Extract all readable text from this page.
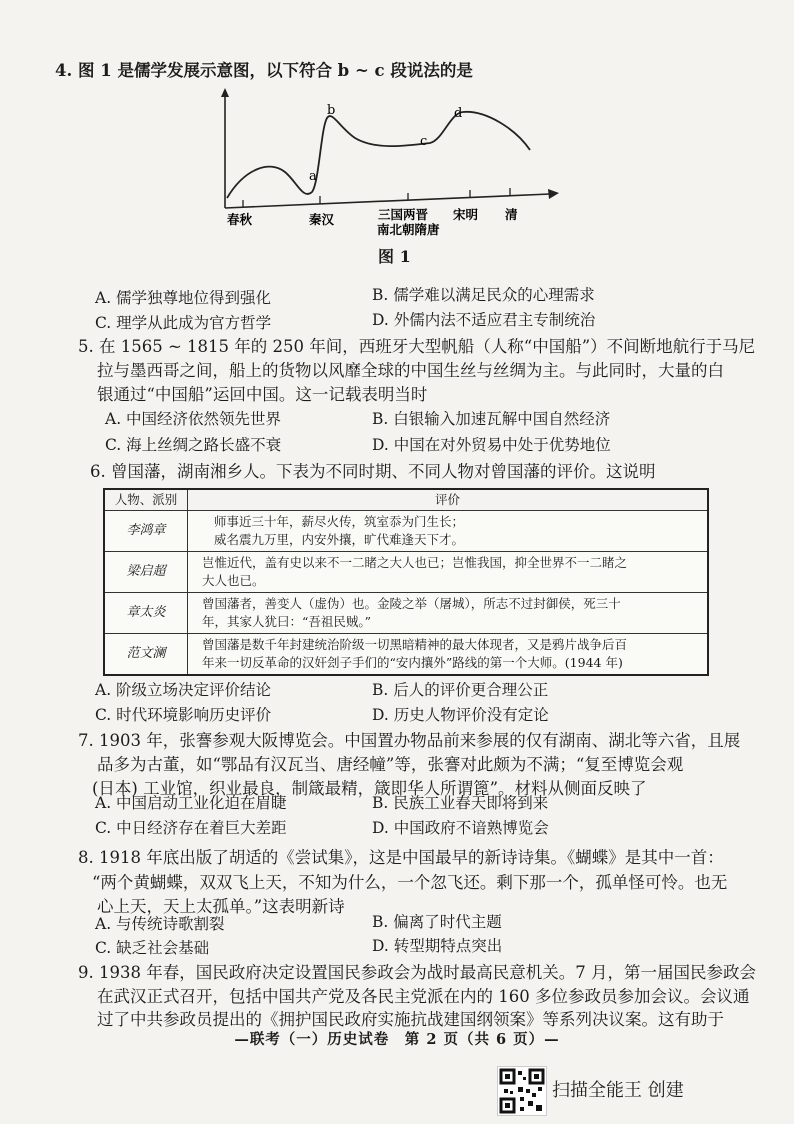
4. 图 1 是儒学发展示意图，以下符合 b ~ c 段说法的是
a
b
c
d
春秋	秦汉	三国两晋
南北朝隋唐
宋明 清
图 1
A. 儒学独尊地位得到强化	B. 儒学难以满足民众的心理需求
C. 理学从此成为官方哲学	D. 外儒内法不适应君主专制统治
5. 在 1565 ~ 1815 年的 250 年间，西班牙大型帆船（人称“中国船”）不间断地航行于马尼
拉与墨西哥之间，船上的货物以风靡全球的中国生丝与丝绸为主。与此同时，大量的白
银通过“中国船”运回中国。这一记载表明当时
A. 中国经济依然领先世界	B. 白银输入加速瓦解中国自然经济
C. 海上丝绸之路长盛不衰	D. 中国在对外贸易中处于优势地位
6. 曾国藩，湖南湘乡人。下表为不同时期、不同人物对曾国藩的评价。这说明
人物、派别	评价
李鸿章	师事近三十年，薪尽火传，筑室忝为门生长；
威名震九万里，内安外攘，旷代难逢天下才。

梁启超	岂惟近代，盖有史以来不一二睹之大人也已；岂惟我国，抑全世界不一二睹之
大人也已。

章太炎	曾国藩者，善变人（虚伪）也。金陵之举（屠城），所志不过封御侯，死三十
年，其家人犹曰：“吾祖民贼。”

范文澜	曾国藩是数千年封建统治阶级一切黑暗精神的最大体现者，又是鸦片战争后百
年来一切反革命的汉奸刽子手们的“安内攘外”路线的第一个大师。(1944 年)
A. 阶级立场决定评价结论	B. 后人的评价更合理公正
C. 时代环境影响历史评价	D. 历史人物评价没有定论
7. 1903 年，张謇参观大阪博览会。中国置办物品前来参展的仅有湖南、湖北等六省，且展
品多为古董，如“鄂品有汉瓦当、唐经幢”等，张謇对此颇为不满；“复至博览会观
(日本) 工业馆，织业最良，制箴最精，箴即华人所谓篦”。材料从侧面反映了
A. 中国启动工业化迫在眉睫	B. 民族工业春天即将到来
C. 中日经济存在着巨大差距	D. 中国政府不谙熟博览会
8. 1918 年底出版了胡适的《尝试集》，这是中国最早的新诗诗集。《蝴蝶》是其中一首：
“两个黄蝴蝶，双双飞上天，不知为什么，一个忽飞还。剩下那一个，孤单怪可怜。也无
心上天，天上太孤单。”这表明新诗
A. 与传统诗歌割裂	B. 偏离了时代主题
C. 缺乏社会基础	D. 转型期特点突出
9. 1938 年春，国民政府决定设置国民参政会为战时最高民意机关。7 月，第一届国民参政会
在武汉正式召开，包括中国共产党及各民主党派在内的 160 多位参政员参加会议。会议通
过了中共参政员提出的《拥护国民政府实施抗战建国纲领案》等系列决议案。这有助于
—联考（一）历史试卷　第 2 页（共 6 页）—
扫描全能王 创建
